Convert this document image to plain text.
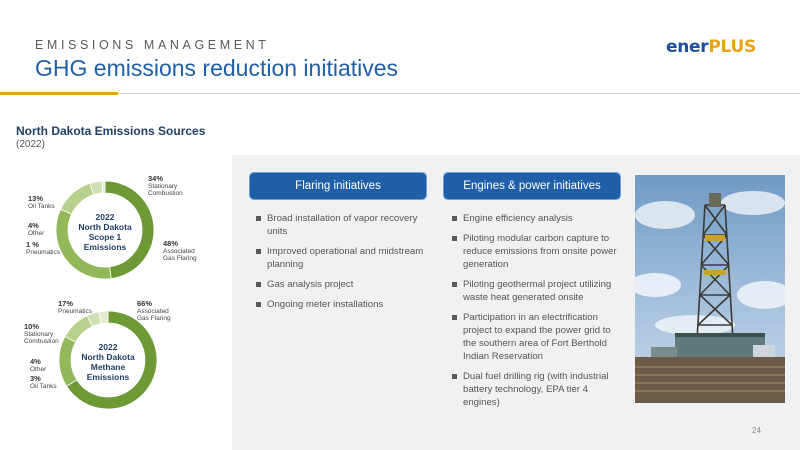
EMISSIONS MANAGEMENT
GHG emissions reduction initiatives
enerPLUS
North Dakota Emissions Sources
(2022)
2022
North Dakota
Scope 1
Emissions
34%
Stationary Combustion
13%
Oil Tanks
4%
Other
1 %
Pneumatics
48%
Associated Gas Flaring
2022
North Dakota
Methane
Emissions
17%
Pneumatics
66%
Associated Gas Flaring
10%
Stationary Combustion
4%
Other
3%
Oil Tanks
Flaring initiatives	Engines & power initiatives
Broad installation of vapor recovery units
Improved operational and midstream planning
Gas analysis project
Ongoing meter installations
Engine efficiency analysis
Piloting modular carbon capture to reduce emissions from onsite power generation
Piloting geothermal project utilizing waste heat generated onsite
Participation in an electrification project to expand the power grid to the southern area of Fort Berthold Indian Reservation
Dual fuel drilling rig (with industrial battery technology, EPA tier 4 engines)
24
